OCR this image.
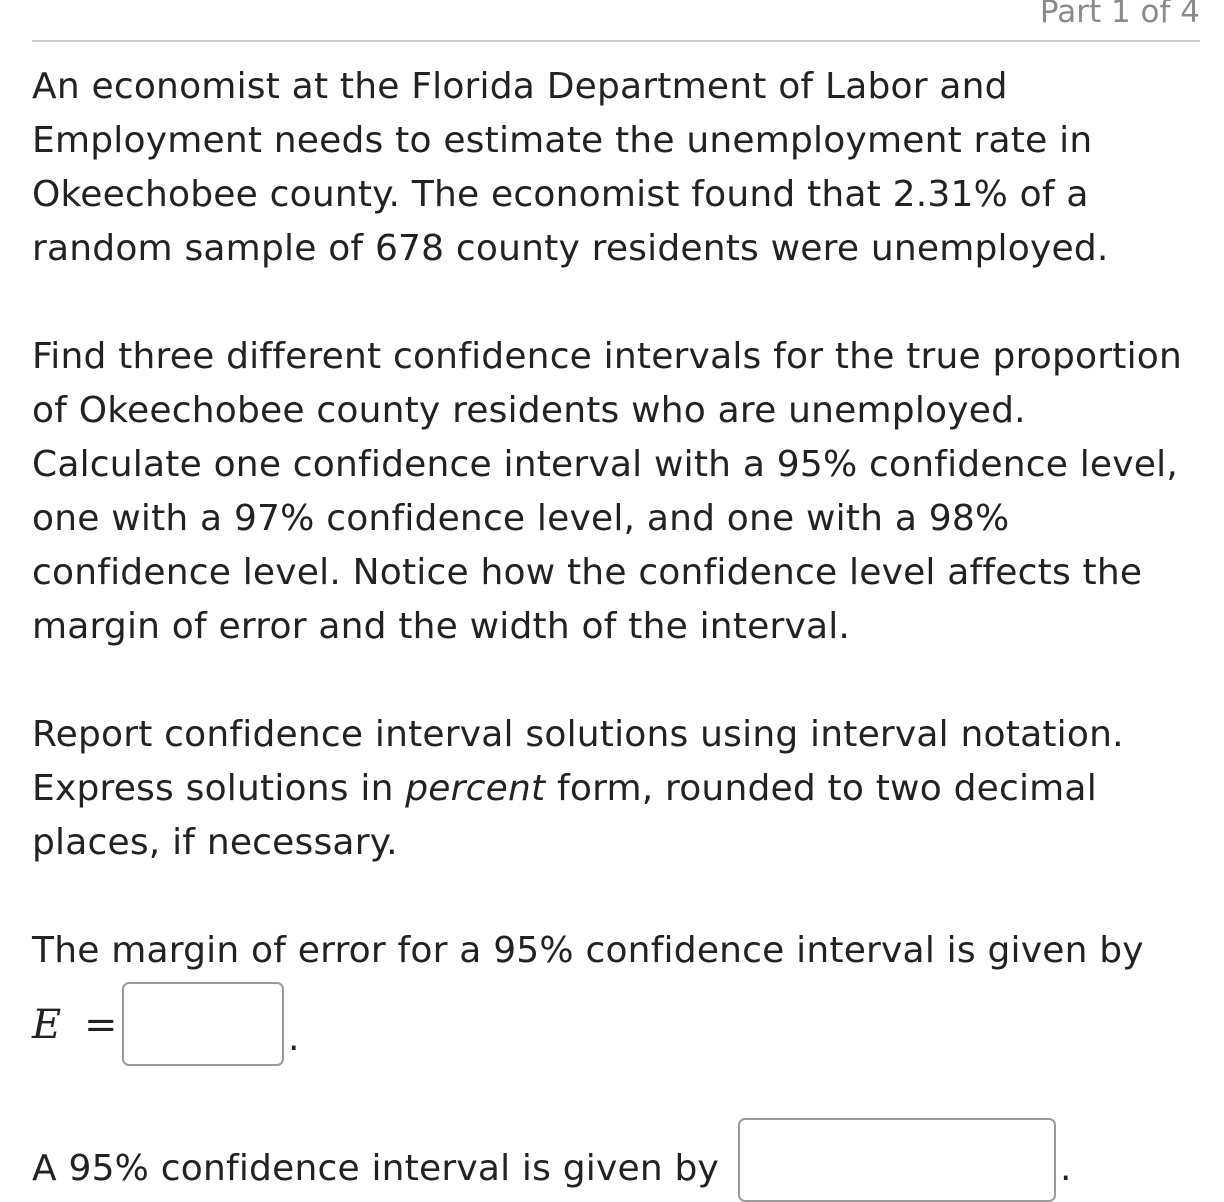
Part 1 of 4

An economist at the Florida Department of Labor and Employment needs to estimate the unemployment rate in Okeechobee county. The economist found that 2.31% of a random sample of 678 county residents were unemployed.

Find three different confidence intervals for the true proportion of Okeechobee county residents who are unemployed. Calculate one confidence interval with a 95% confidence level, one with a 97% confidence level, and one with a 98% confidence level. Notice how the confidence level affects the margin of error and the width of the interval.

Report confidence interval solutions using interval notation. Express solutions in percent form, rounded to two decimal places, if necessary.

The margin of error for a 95% confidence interval is given by

E =	.
A 95% confidence interval is given by	.
